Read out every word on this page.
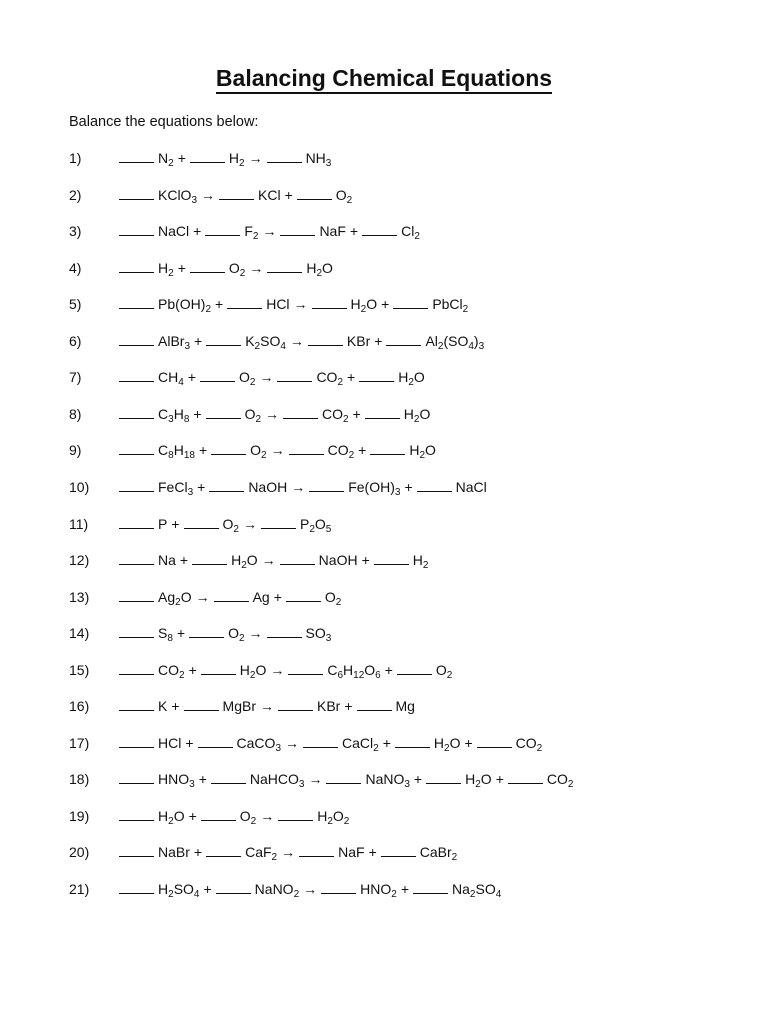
Balancing Chemical Equations

Balance the equations below:

1)	$N_2$ +	$H_2$ →	$NH_3$
2)	KClO$_3$ →	KCl +	$O_2$
3)	NaCl +	$F_2$ →	NaF +	$Cl_2$
4)	$H_2$ +	$O_2$ →	$H_2O$
5)	$Pb(OH)_2$ +	HCl →	$H_2O$ +	PbCl$_2$
6)	AlBr$_3$ +	$K_2SO_4$ →	KBr +	$Al_2(SO_4)_3$
7)	$CH_4$ +	$O_2$ →	$CO_2$ +	$H_2O$
8)	$C_3H_8$ +	$O_2$ →	$CO_2$ +	$H_2O$
9)	$C_8H_{18}$ +	$O_2$ →	$CO_2$ +	$H_2O$
10)	FeCl$_3$ +	NaOH →	$Fe(OH)_3$ +	NaCl
11)	P +	$O_2$ →	$P_2O_5$
12)	Na +	$H_2O$ →	NaOH +	$H_2$
13)	$Ag_2O$ →	Ag +	$O_2$
14)	$S_8$ +	$O_2$ →	$SO_3$
15)	$CO_2$ +	$H_2O$ →	$C_6H_{12}O_6$ +	$O_2$
16)	K +	MgBr →	KBr +	Mg
17)	HCl +	CaCO$_3$ →	CaCl$_2$ +	$H_2O$ +	$CO_2$
18)	$HNO_3$ +	NaHCO$_3$ →	NaNO$_3$ +	$H_2O$ +	$CO_2$
19)	$H_2O$ +	$O_2$ →	$H_2O_2$
20)	NaBr +	CaF$_2$ →	NaF +	CaBr$_2$
21)	$H_2SO_4$ +	NaNO$_2$ →	$HNO_2$ +	$Na_2SO_4$
